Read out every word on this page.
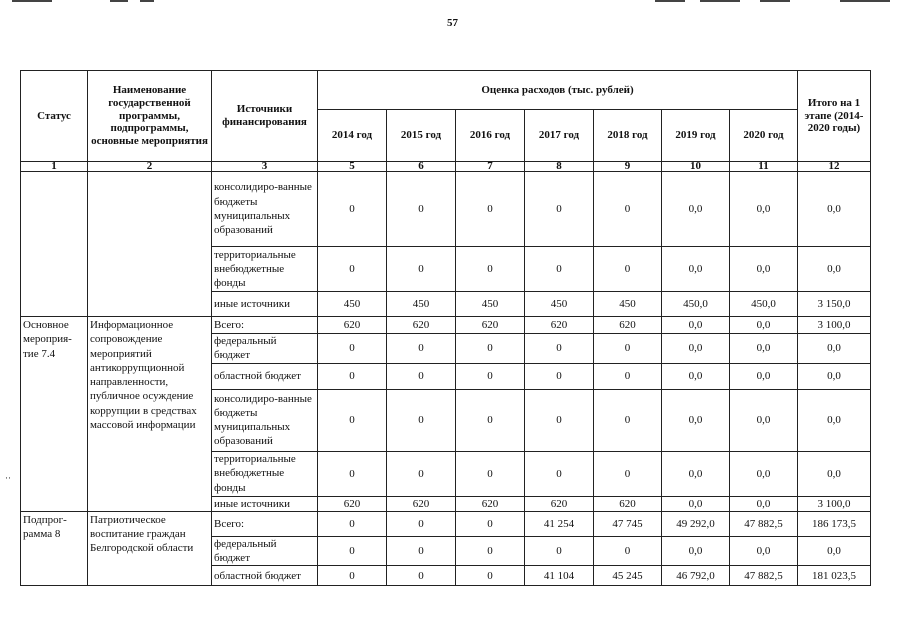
57
··
Статус	Наименование государственной программы, подпрограммы, основные мероприятия	Источники финансирования	Оценка расходов (тыс. рублей)							Итого на 1 этапе (2014-2020 годы)
			2014 год	2015 год	2016 год	2017 год	2018 год	2019 год	2020 год	
1	2	3	5	6	7	8	9	10	11	12
		консолидиро-ванные бюджеты муниципальных образований	0	0	0	0	0	0,0	0,0	0,0
		территориальные внебюджетные фонды	0	0	0	0	0	0,0	0,0	0,0
		иные источники	450	450	450	450	450	450,0	450,0	3 150,0
Основное мероприя-тие 7.4	Информационное сопровождение мероприятий антикоррупционной направленности, публичное осуждение коррупции в средствах массовой информации	Всего:	620	620	620	620	620	0,0	0,0	3 100,0
		федеральный бюджет	0	0	0	0	0	0,0	0,0	0,0
		областной бюджет	0	0	0	0	0	0,0	0,0	0,0
		консолидиро-ванные бюджеты муниципальных образований	0	0	0	0	0	0,0	0,0	0,0
		территориальные внебюджетные фонды	0	0	0	0	0	0,0	0,0	0,0
		иные источники	620	620	620	620	620	0,0	0,0	3 100,0
Подпрог-рамма 8	Патриотическое воспитание граждан Белгородской области	Всего:	0	0	0	41 254	47 745	49 292,0	47 882,5	186 173,5
		федеральный бюджет	0	0	0	0	0	0,0	0,0	0,0
		областной бюджет	0	0	0	41 104	45 245	46 792,0	47 882,5	181 023,5
